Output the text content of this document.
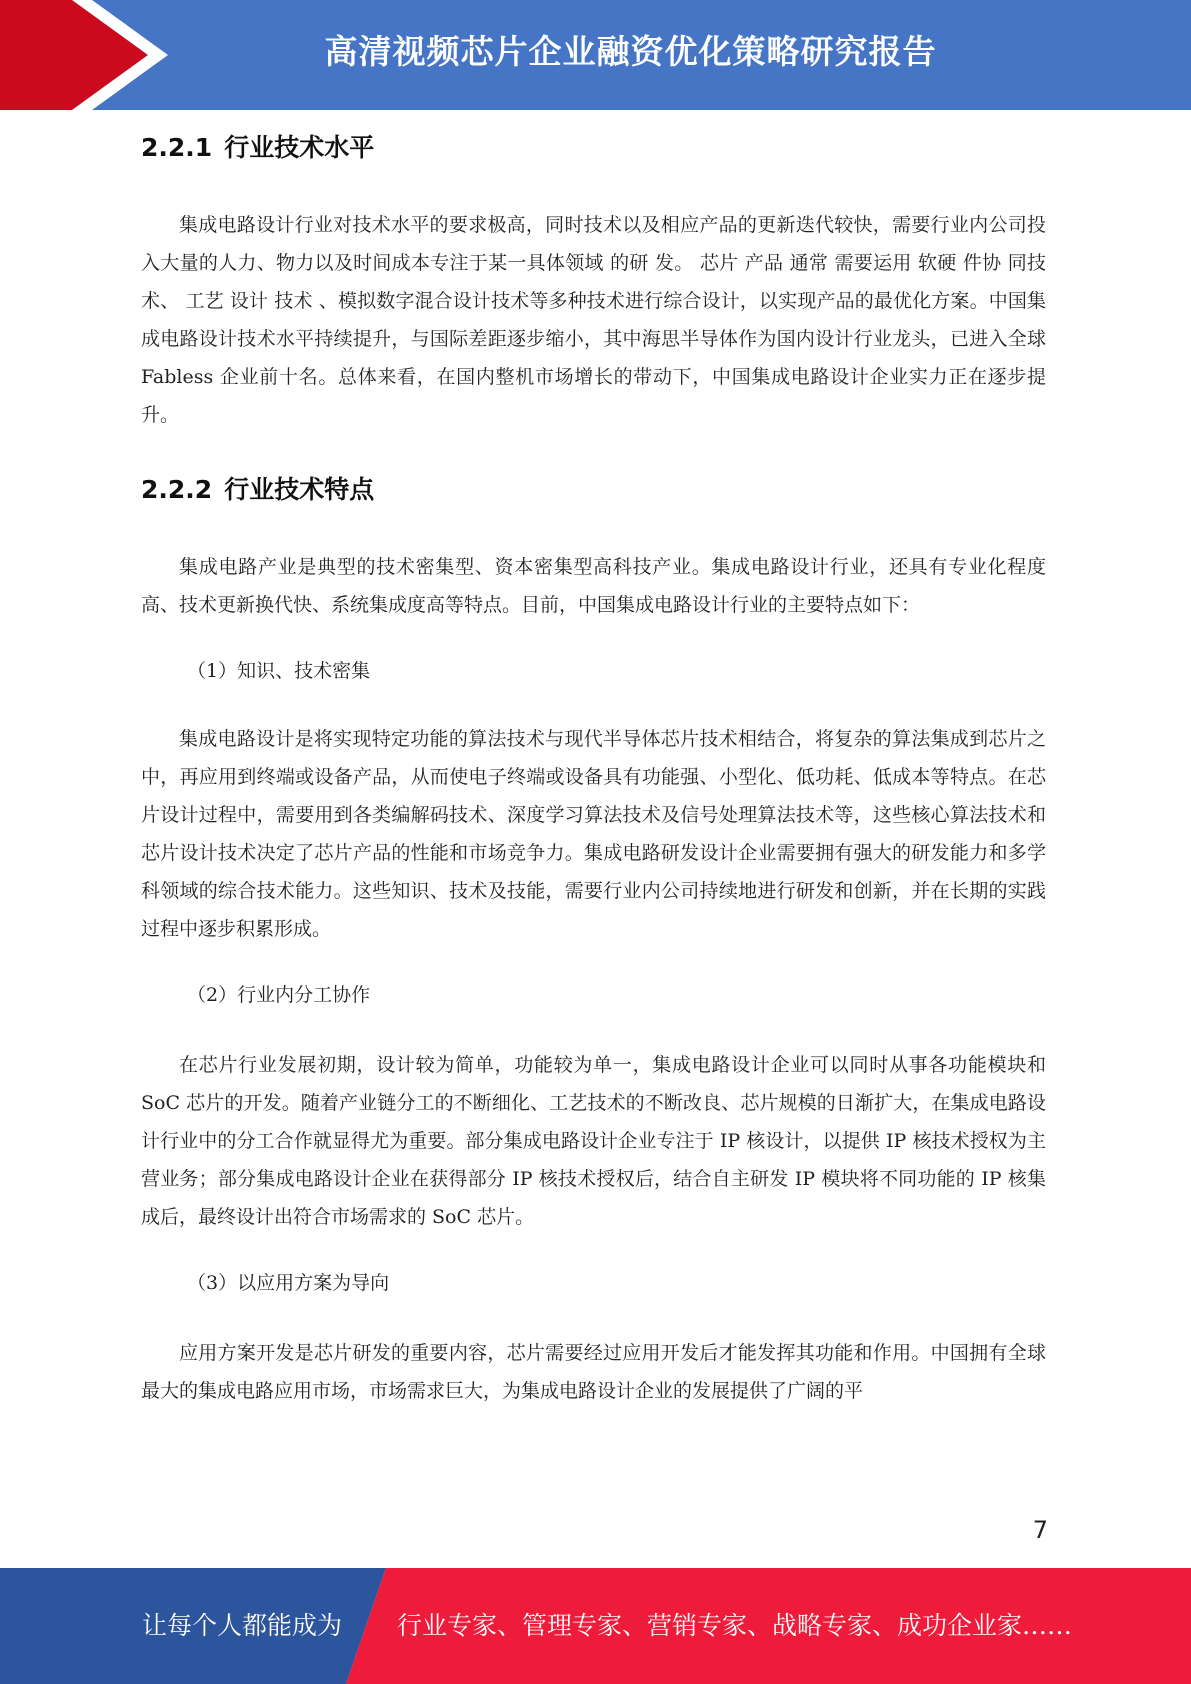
高清视频芯片企业融资优化策略研究报告
2.2.1 行业技术水平

集成电路设计行业对技术水平的要求极高，同时技术以及相应产品的更新迭代较快，需要行业内公司投入大量的人力、物力以及时间成本专注于某一具体领域 的研 发。 芯片 产品 通常 需要运用 软硬 件协 同技 术、 工艺 设计 技术 、模拟数字混合设计技术等多种技术进行综合设计，以实现产品的最优化方案。中国集成电路设计技术水平持续提升，与国际差距逐步缩小，其中海思半导体作为国内设计行业龙头，已进入全球 Fabless 企业前十名。总体来看，在国内整机市场增长的带动下，中国集成电路设计企业实力正在逐步提升。

2.2.2 行业技术特点

集成电路产业是典型的技术密集型、资本密集型高科技产业。集成电路设计行业，还具有专业化程度高、技术更新换代快、系统集成度高等特点。目前，中国集成电路设计行业的主要特点如下：

（1）知识、技术密集

集成电路设计是将实现特定功能的算法技术与现代半导体芯片技术相结合，将复杂的算法集成到芯片之中，再应用到终端或设备产品，从而使电子终端或设备具有功能强、小型化、低功耗、低成本等特点。在芯片设计过程中，需要用到各类编解码技术、深度学习算法技术及信号处理算法技术等，这些核心算法技术和芯片设计技术决定了芯片产品的性能和市场竞争力。集成电路研发设计企业需要拥有强大的研发能力和多学科领域的综合技术能力。这些知识、技术及技能，需要行业内公司持续地进行研发和创新，并在长期的实践过程中逐步积累形成。

（2）行业内分工协作

在芯片行业发展初期，设计较为简单，功能较为单一，集成电路设计企业可以同时从事各功能模块和 SoC 芯片的开发。随着产业链分工的不断细化、工艺技术的不断改良、芯片规模的日渐扩大，在集成电路设计行业中的分工合作就显得尤为重要。部分集成电路设计企业专注于 IP 核设计，以提供 IP 核技术授权为主营业务；部分集成电路设计企业在获得部分 IP 核技术授权后，结合自主研发 IP 模块将不同功能的 IP 核集成后，最终设计出符合市场需求的 SoC 芯片。

（3）以应用方案为导向

应用方案开发是芯片研发的重要内容，芯片需要经过应用开发后才能发挥其功能和作用。中国拥有全球最大的集成电路应用市场，市场需求巨大，为集成电路设计企业的发展提供了广阔的平

7
让每个人都能成为 行业专家、管理专家、营销专家、战略专家、成功企业家……
